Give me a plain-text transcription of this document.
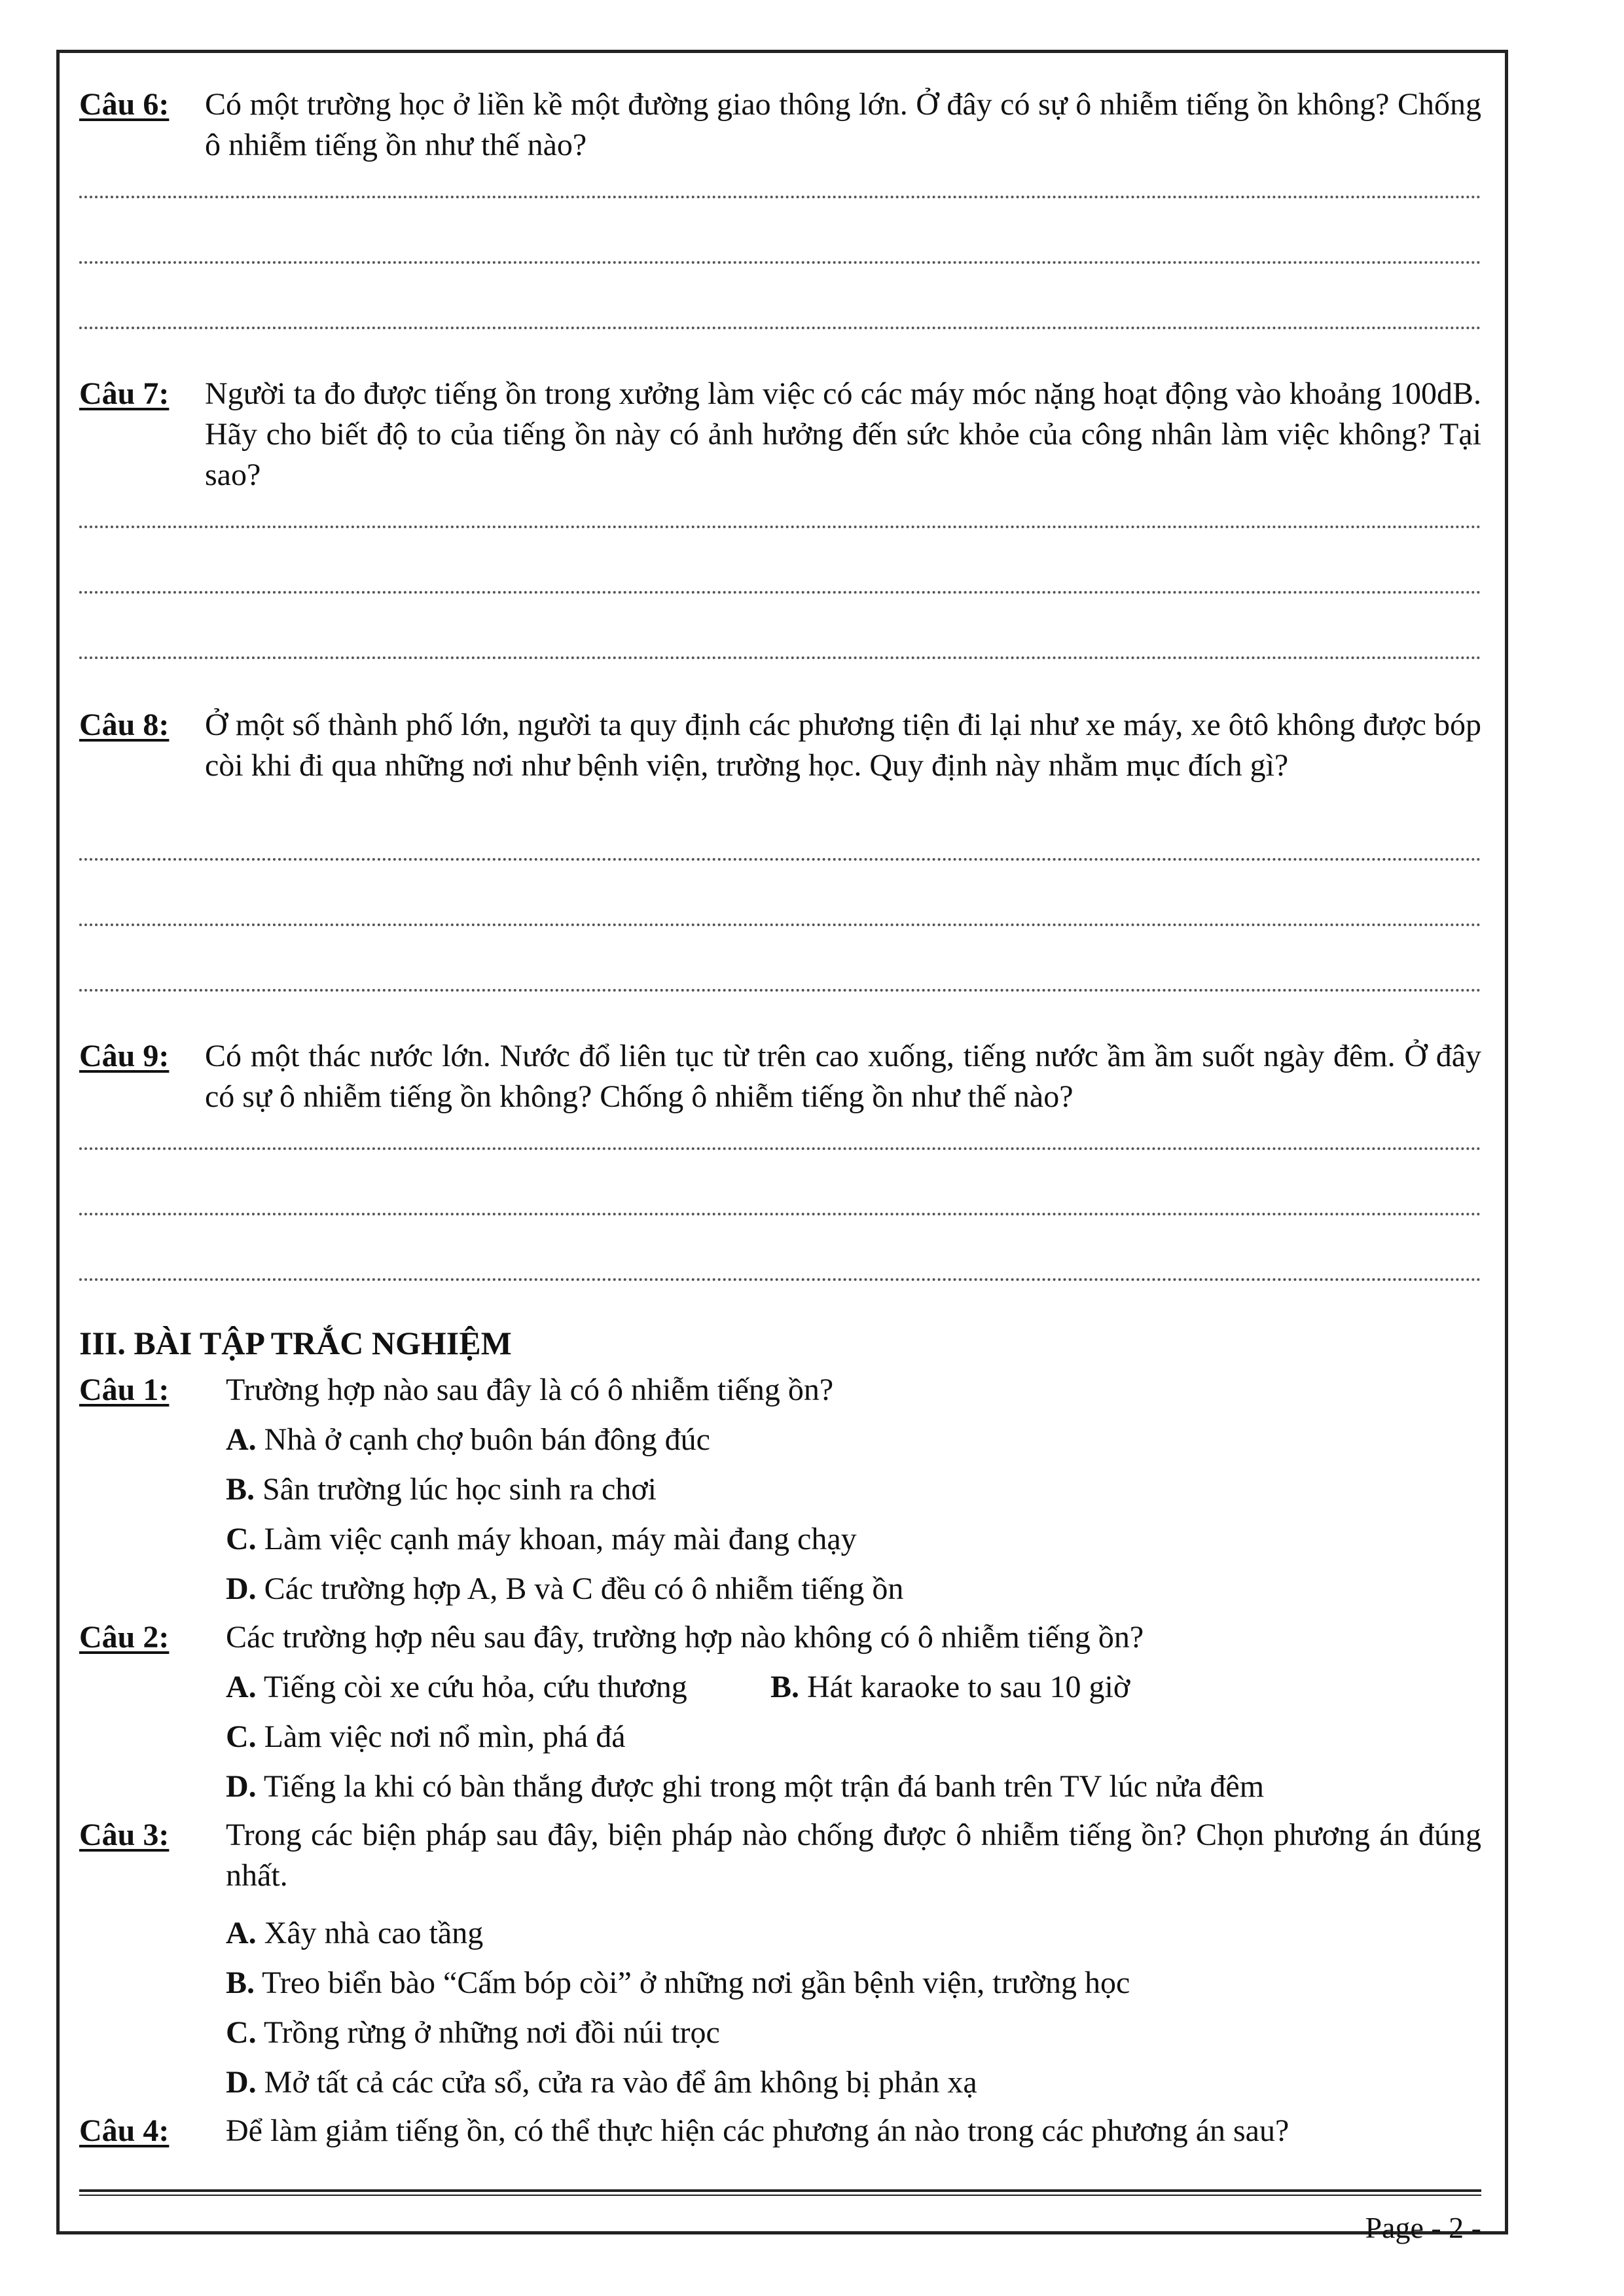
Câu 6: Có một trường học ở liền kề một đường giao thông lớn. Ở đây có sự ô nhiễm tiếng ồn không? Chống ô nhiễm tiếng ồn như thế nào?
Câu 7: Người ta đo được tiếng ồn trong xưởng làm việc có các máy móc nặng hoạt động vào khoảng 100dB. Hãy cho biết độ to của tiếng ồn này có ảnh hưởng đến sức khỏe của công nhân làm việc không? Tại sao?
Câu 8: Ở một số thành phố lớn, người ta quy định các phương tiện đi lại như xe máy, xe ôtô không được bóp còi khi đi qua những nơi như bệnh viện, trường học. Quy định này nhằm mục đích gì?
Câu 9: Có một thác nước lớn. Nước đổ liên tục từ trên cao xuống, tiếng nước ầm ầm suốt ngày đêm. Ở đây có sự ô nhiễm tiếng ồn không? Chống ô nhiễm tiếng ồn như thế nào?
III. BÀI TẬP TRẮC NGHIỆM
Câu 1: Trường hợp nào sau đây là có ô nhiễm tiếng ồn?
A. Nhà ở cạnh chợ buôn bán đông đúc
B. Sân trường lúc học sinh ra chơi
C. Làm việc cạnh máy khoan, máy mài đang chạy
D. Các trường hợp A, B và C đều có ô nhiễm tiếng ồn
Câu 2: Các trường hợp nêu sau đây, trường hợp nào không có ô nhiễm tiếng ồn?
A. Tiếng còi xe cứu hỏa, cứu thương	B. Hát karaoke to sau 10 giờ
C. Làm việc nơi nổ mìn, phá đá
D. Tiếng la khi có bàn thắng được ghi trong một trận đá banh trên TV lúc nửa đêm
Câu 3: Trong các biện pháp sau đây, biện pháp nào chống được ô nhiễm tiếng ồn? Chọn phương án đúng nhất.
A. Xây nhà cao tầng
B. Treo biển bào “Cấm bóp còi” ở những nơi gần bệnh viện, trường học
C. Trồng rừng ở những nơi đồi núi trọc
D. Mở tất cả các cửa sổ, cửa ra vào để âm không bị phản xạ
Câu 4: Để làm giảm tiếng ồn, có thể thực hiện các phương án nào trong các phương án sau?
Page - 2 -
